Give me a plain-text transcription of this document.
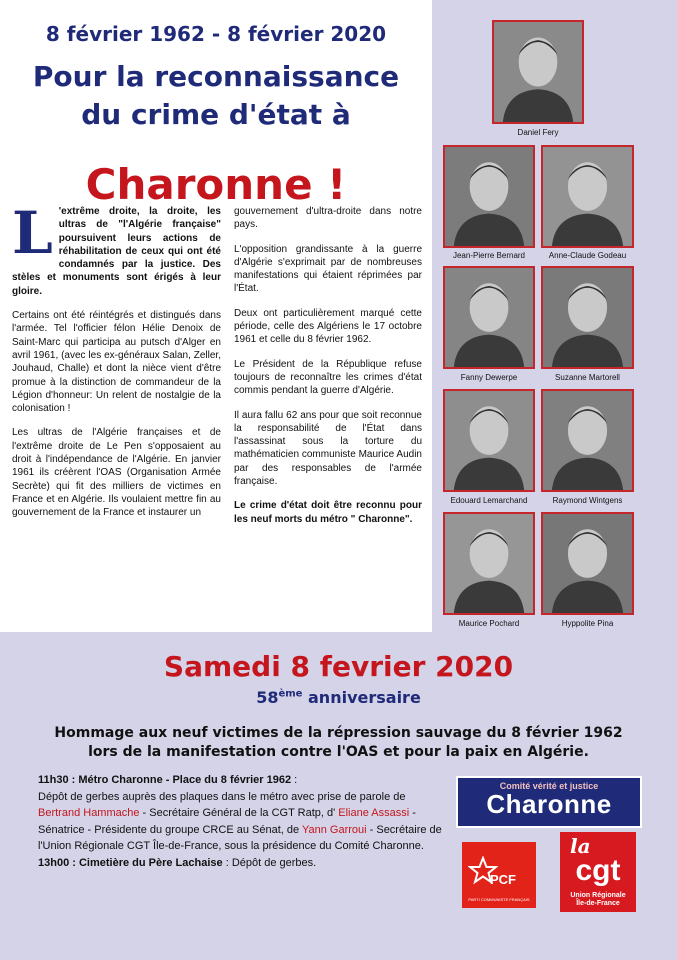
8 février 1962 - 8 février 2020
Pour la reconnaissance
du crime d'état à
Charonne !

L 'extrême droite, la droite, les ultras de "l'Algérie française" poursuivent leurs actions de réhabilitation de ceux qui ont été condamnés par la justice. Des stèles et monuments sont érigés à leur gloire.

Certains ont été réintégrés et distingués dans l'armée. Tel l'officier félon Hélie Denoix de Saint-Marc qui participa au putsch d'Alger en avril 1961, (avec les ex-généraux Salan, Zeller, Jouhaud, Challe) et dont la nièce vient d'être promue à la distinction de commandeur de la Légion d'honneur: Un relent de nostalgie de la colonisation !

Les ultras de l'Algérie françaises et de l'extrême droite de Le Pen s'opposaient au droit à l'indépendance de l'Algérie. En janvier 1961 ils créèrent l'OAS (Organisation Armée Secrète) qui fit des milliers de victimes en France et en Algérie. Ils voulaient mettre fin au gouvernement de la France et instaurer un

gouvernement d'ultra-droite dans notre pays.

L'opposition grandissante à la guerre d'Algérie s'exprimait par de nombreuses manifestations qui étaient réprimées par l'État.

Deux ont particulièrement marqué cette période, celle des Algériens le 17 octobre 1961 et celle du 8 février 1962.

Le Président de la République refuse toujours de reconnaître les crimes d'état commis pendant la guerre d'Algérie.

Il aura fallu 62 ans pour que soit reconnue la responsabilité de l'État dans l'assassinat sous la torture du mathématicien communiste Maurice Audin par des responsables de l'armée française.

Le crime d'état doit être reconnu pour les neuf morts du métro " Charonne".

Daniel Fery
Jean-Pierre Bernard	Anne-Claude Godeau
Fanny Dewerpe	Suzanne Martorell
Edouard Lemarchand	Raymond Wintgens
Maurice Pochard	Hyppolite Pina
Samedi 8 fevrier 2020
58ème anniversaire
Hommage aux neuf victimes de la répression sauvage du 8 février 1962
lors de la manifestation contre l'OAS et pour la paix en Algérie.
11h30 : Métro Charonne - Place du 8 février 1962 :
Dépôt de gerbes auprès des plaques dans le métro avec prise de parole de Bertrand Hammache - Secrétaire Général de la CGT Ratp, d' Eliane Assassi - Sénatrice - Présidente du groupe CRCE au Sénat, de Yann Garroui - Secrétaire de l'Union Régionale CGT Île-de-France, sous la présidence du Comité Charonne.
13h00 : Cimetière du Père Lachaise : Dépôt de gerbes.
Comité vérité et justice
Charonne
PCF
PARTI COMMUNISTE FRANÇAIS
la
cgt
Union Régionale
Île-de-France
